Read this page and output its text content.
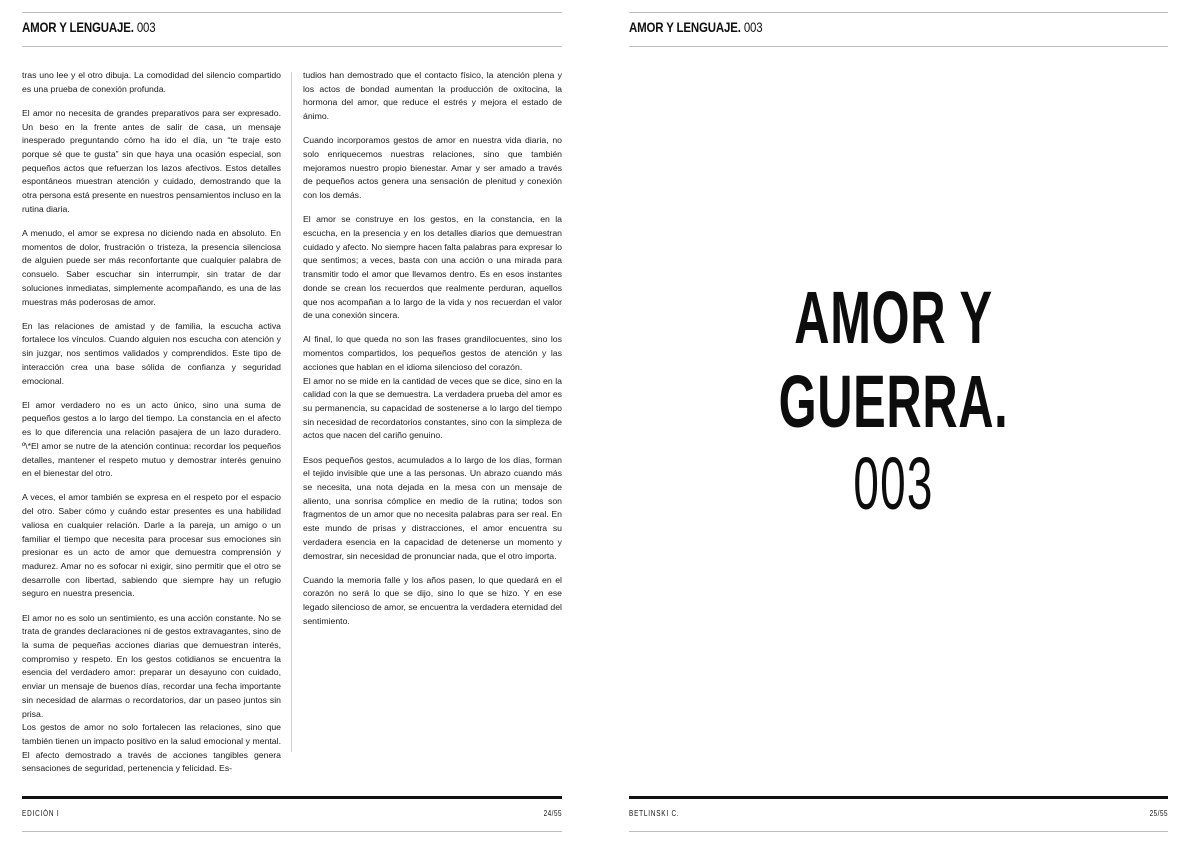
AMOR Y LENGUAJE. 003

tras uno lee y el otro dibuja. La comodidad del silencio compartido es una prueba de conexión profunda.

El amor no necesita de grandes preparativos para ser expresado. Un beso en la frente antes de salir de casa, un mensaje inesperado preguntando cómo ha ido el día, un “te traje esto porque sé que te gusta” sin que haya una ocasión especial, son pequeños actos que refuerzan los lazos afectivos. Estos detalles espontáneos muestran atención y cuidado, demostrando que la otra persona está presente en nuestros pensamientos incluso en la rutina diaria.

A menudo, el amor se expresa no diciendo nada en absoluto. En momentos de dolor, frustración o tristeza, la presencia silenciosa de alguien puede ser más reconfortante que cualquier palabra de consuelo. Saber escuchar sin interrumpir, sin tratar de dar soluciones inmediatas, simplemente acompañando, es una de las muestras más poderosas de amor.

En las relaciones de amistad y de familia, la escucha activa fortalece los vínculos. Cuando alguien nos escucha con atención y sin juzgar, nos sentimos validados y comprendidos. Este tipo de interacción crea una base sólida de confianza y seguridad emocional.

El amor verdadero no es un acto único, sino una suma de pequeños gestos a lo largo del tiempo. La constancia en el afecto es lo que diferencia una relación pasajera de un lazo duradero. º\*El amor se nutre de la atención continua: recordar los pequeños detalles, mantener el respeto mutuo y demostrar interés genuino en el bienestar del otro.

A veces, el amor también se expresa en el respeto por el espacio del otro. Saber cómo y cuándo estar presentes es una habilidad valiosa en cualquier relación. Darle a la pareja, un amigo o un familiar el tiempo que necesita para procesar sus emociones sin presionar es un acto de amor que demuestra comprensión y madurez. Amar no es sofocar ni exigir, sino permitir que el otro se desarrolle con libertad, sabiendo que siempre hay un refugio seguro en nuestra presencia.

El amor no es solo un sentimiento, es una acción constante. No se trata de grandes declaraciones ni de gestos extravagantes, sino de la suma de pequeñas acciones diarias que demuestran interés, compromiso y respeto. En los gestos cotidianos se encuentra la esencia del verdadero amor: preparar un desayuno con cuidado, enviar un mensaje de buenos días, recordar una fecha importante sin necesidad de alarmas o recordatorios, dar un paseo juntos sin prisa.

Los gestos de amor no solo fortalecen las relaciones, sino que también tienen un impacto positivo en la salud emocional y mental. El afecto demostrado a través de acciones tangibles genera sensaciones de seguridad, pertenencia y felicidad. Es-

tudios han demostrado que el contacto físico, la atención plena y los actos de bondad aumentan la producción de oxitocina, la hormona del amor, que reduce el estrés y mejora el estado de ánimo.

Cuando incorporamos gestos de amor en nuestra vida diaria, no solo enriquecemos nuestras relaciones, sino que también mejoramos nuestro propio bienestar. Amar y ser amado a través de pequeños actos genera una sensación de plenitud y conexión con los demás.

El amor se construye en los gestos, en la constancia, en la escucha, en la presencia y en los detalles diarios que demuestran cuidado y afecto. No siempre hacen falta palabras para expresar lo que sentimos; a veces, basta con una acción o una mirada para transmitir todo el amor que llevamos dentro. Es en esos instantes donde se crean los recuerdos que realmente perduran, aquellos que nos acompañan a lo largo de la vida y nos recuerdan el valor de una conexión sincera.

Al final, lo que queda no son las frases grandilocuentes, sino los momentos compartidos, los pequeños gestos de atención y las acciones que hablan en el idioma silencioso del corazón.

El amor no se mide en la cantidad de veces que se dice, sino en la calidad con la que se demuestra. La verdadera prueba del amor es su permanencia, su capacidad de sostenerse a lo largo del tiempo sin necesidad de recordatorios constantes, sino con la simpleza de actos que nacen del cariño genuino.

Esos pequeños gestos, acumulados a lo largo de los días, forman el tejido invisible que une a las personas. Un abrazo cuando más se necesita, una nota dejada en la mesa con un mensaje de aliento, una sonrisa cómplice en medio de la rutina; todos son fragmentos de un amor que no necesita palabras para ser real. En este mundo de prisas y distracciones, el amor encuentra su verdadera esencia en la capacidad de detenerse un momento y demostrar, sin necesidad de pronunciar nada, que el otro importa.

Cuando la memoria falle y los años pasen, lo que quedará en el corazón no será lo que se dijo, sino lo que se hizo. Y en ese legado silencioso de amor, se encuentra la verdadera eternidad del sentimiento.

EDICIÓN I	24/55
AMOR Y LENGUAJE. 003
AMOR Y
GUERRA.
003
BETLINSKI C.	25/55
